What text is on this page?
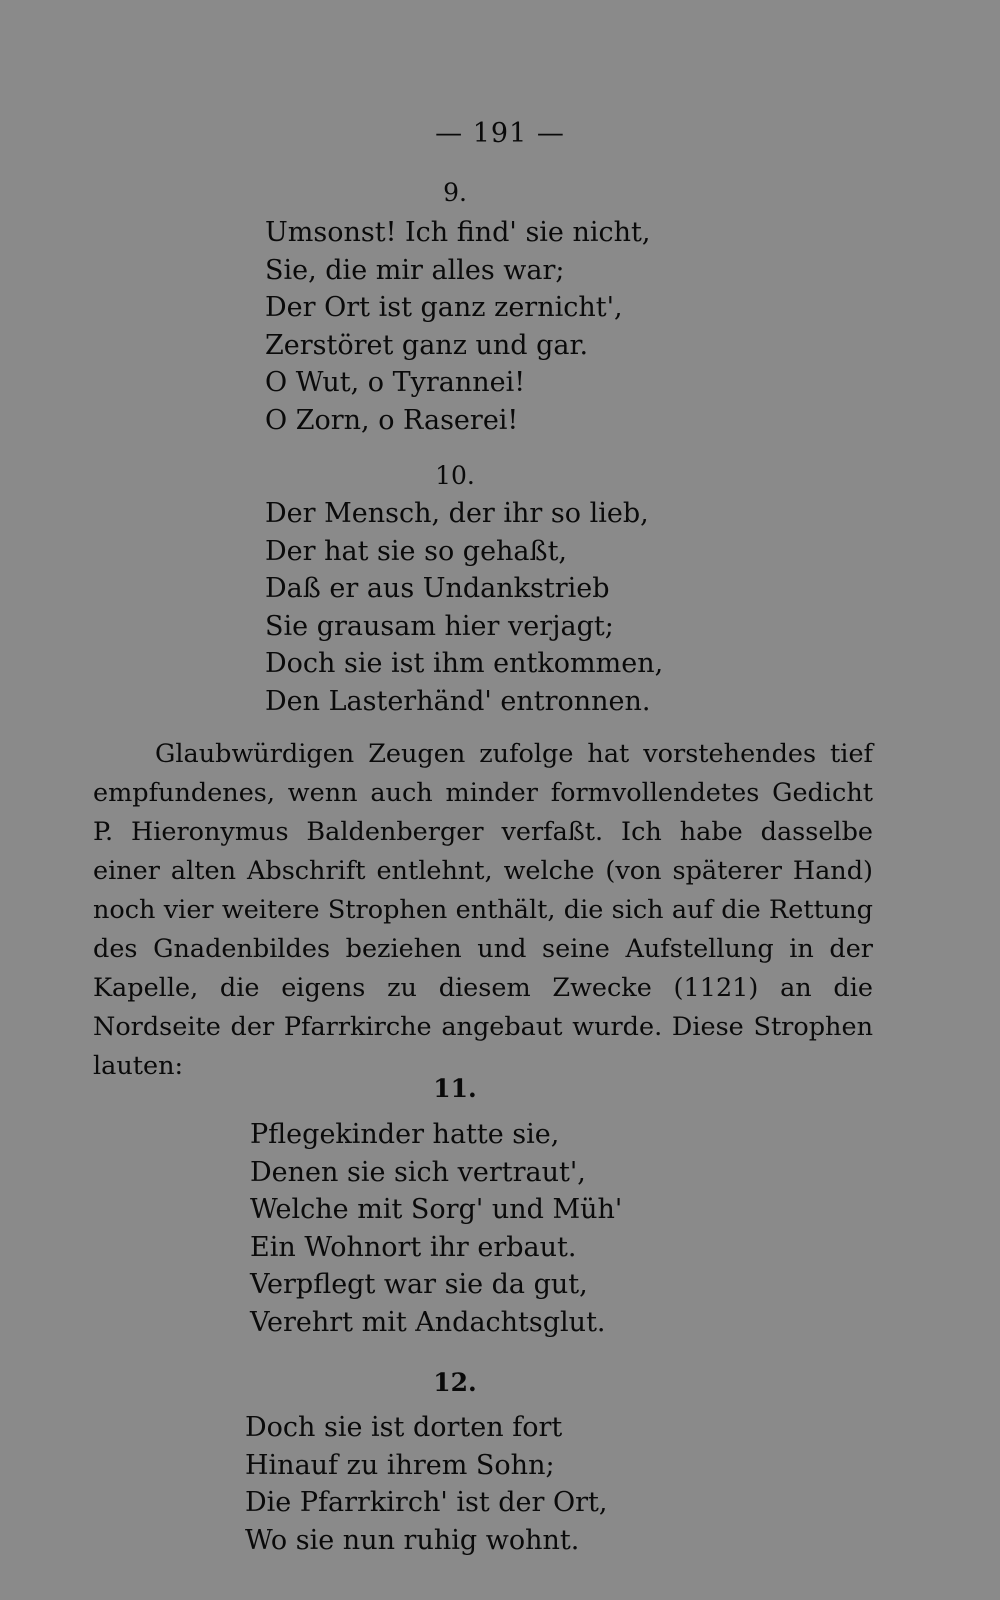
— 191 —
9.
Umsonst! Ich find' sie nicht,
Sie, die mir alles war;
Der Ort ist ganz zernicht',
Zerstöret ganz und gar.
O Wut, o Tyrannei!
O Zorn, o Raserei!
10.
Der Mensch, der ihr so lieb,
Der hat sie so gehaßt,
Daß er aus Undankstrieb
Sie grausam hier verjagt;
Doch sie ist ihm entkommen,
Den Lasterhänd' entronnen.

Glaubwürdigen Zeugen zufolge hat vorstehendes tief empfundenes, wenn auch minder formvollendetes Gedicht P. Hieronymus Baldenberger verfaßt. Ich habe dasselbe einer alten Abschrift entlehnt, welche (von späterer Hand) noch vier weitere Strophen enthält, die sich auf die Rettung des Gnadenbildes beziehen und seine Aufstellung in der Kapelle, die eigens zu diesem Zwecke (1121) an die Nordseite der Pfarrkirche angebaut wurde. Diese Strophen lauten:

11.
Pflegekinder hatte sie,
Denen sie sich vertraut',
Welche mit Sorg' und Müh'
Ein Wohnort ihr erbaut.
Verpflegt war sie da gut,
Verehrt mit Andachtsglut.
12.
Doch sie ist dorten fort
Hinauf zu ihrem Sohn;
Die Pfarrkirch' ist der Ort,
Wo sie nun ruhig wohnt.
